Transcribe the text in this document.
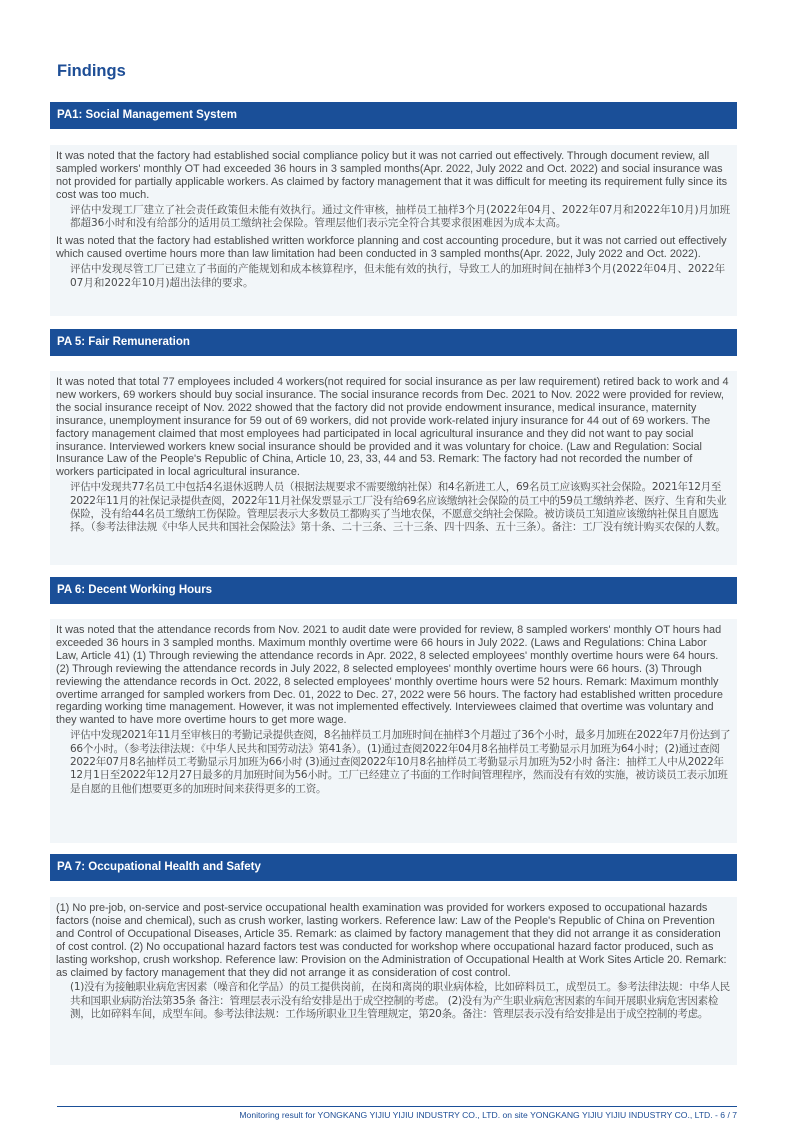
Findings
PA1: Social Management System

It was noted that the factory had established social compliance policy but it was not carried out effectively. Through document review, all sampled workers' monthly OT had exceeded 36 hours in 3 sampled months(Apr. 2022, July 2022 and Oct. 2022) and social insurance was not provided for partially applicable workers. As claimed by factory management that it was difficult for meeting its requirement fully since its cost was too much.

评估中发现工厂建立了社会责任政策但未能有效执行。通过文件审核，抽样员工抽样3个月(2022年04月、2022年07月和2022年10月)月加班都超36小时和没有给部分的适用员工缴纳社会保险。管理层他们表示完全符合其要求很困难因为成本太高。

It was noted that the factory had established written workforce planning and cost accounting procedure, but it was not carried out effectively which caused overtime hours more than law limitation had been conducted in 3 sampled months(Apr. 2022, July 2022 and Oct. 2022).

评估中发现尽管工厂已建立了书面的产能规划和成本核算程序，但未能有效的执行，导致工人的加班时间在抽样3个月(2022年04月、2022年07月和2022年10月)超出法律的要求。

PA 5: Fair Remuneration

It was noted that total 77 employees included 4 workers(not required for social insurance as per law requirement) retired back to work and 4 new workers, 69 workers should buy social insurance. The social insurance records from Dec. 2021 to Nov. 2022 were provided for review, the social insurance receipt of Nov. 2022 showed that the factory did not provide endowment insurance, medical insurance, maternity insurance, unemployment insurance for 59 out of 69 workers, did not provide work-related injury insurance for 44 out of 69 workers. The factory management claimed that most employees had participated in local agricultural insurance and they did not want to pay social insurance. Interviewed workers knew social insurance should be provided and it was voluntary for choice. (Law and Regulation: Social Insurance Law of the People's Republic of China, Article 10, 23, 33, 44 and 53. Remark: The factory had not recorded the number of workers participated in local agricultural insurance.

评估中发现共77名员工中包括4名退休返聘人员（根据法规要求不需要缴纳社保）和4名新进工人，69名员工应该购买社会保险。2021年12月至2022年11月的社保记录提供查阅，2022年11月社保发票显示工厂没有给69名应该缴纳社会保险的员工中的59员工缴纳养老、医疗、生育和失业保险，没有给44名员工缴纳工伤保险。管理层表示大多数员工都购买了当地农保，不愿意交纳社会保险。被访谈员工知道应该缴纳社保且自愿选择。（参考法律法规《中华人民共和国社会保险法》第十条、二十三条、三十三条、四十四条、五十三条）。备注：工厂没有统计购买农保的人数。

PA 6: Decent Working Hours

It was noted that the attendance records from Nov. 2021 to audit date were provided for review, 8 sampled workers' monthly OT hours had exceeded 36 hours in 3 sampled months. Maximum monthly overtime were 66 hours in July 2022. (Laws and Regulations: China Labor Law, Article 41) (1) Through reviewing the attendance records in Apr. 2022, 8 selected employees' monthly overtime hours were 64 hours. (2) Through reviewing the attendance records in July 2022, 8 selected employees' monthly overtime hours were 66 hours. (3) Through reviewing the attendance records in Oct. 2022, 8 selected employees' monthly overtime hours were 52 hours. Remark: Maximum monthly overtime arranged for sampled workers from Dec. 01, 2022 to Dec. 27, 2022 were 56 hours. The factory had established written procedure regarding working time management. However, it was not implemented effectively. Interviewees claimed that overtime was voluntary and they wanted to have more overtime hours to get more wage.

评估中发现2021年11月至审核日的考勤记录提供查阅，8名抽样员工月加班时间在抽样3个月超过了36个小时，最多月加班在2022年7月份达到了66个小时。（参考法律法规：《中华人民共和国劳动法》第41条）。(1)通过查阅2022年04月8名抽样员工考勤显示月加班为64小时；(2)通过查阅2022年07月8名抽样员工考勤显示月加班为66小时 (3)通过查阅2022年10月8名抽样员工考勤显示月加班为52小时 备注：抽样工人中从2022年12月1日至2022年12月27日最多的月加班时间为56小时。工厂已经建立了书面的工作时间管理程序，然而没有有效的实施，被访谈员工表示加班是自愿的且他们想要更多的加班时间来获得更多的工资。

PA 7: Occupational Health and Safety

(1) No pre-job, on-service and post-service occupational health examination was provided for workers exposed to occupational hazards factors (noise and chemical), such as crush worker, lasting workers. Reference law: Law of the People's Republic of China on Prevention and Control of Occupational Diseases, Article 35. Remark: as claimed by factory management that they did not arrange it as consideration of cost control. (2) No occupational hazard factors test was conducted for workshop where occupational hazard factor produced, such as lasting workshop, crush workshop. Reference law: Provision on the Administration of Occupational Health at Work Sites Article 20. Remark: as claimed by factory management that they did not arrange it as consideration of cost control.

(1)没有为接触职业病危害因素（噪音和化学品）的员工提供岗前，在岗和离岗的职业病体检，比如碎料员工，成型员工。参考法律法规：中华人民共和国职业病防治法第35条 备注：管理层表示没有给安排是出于成空控制的考虑。 (2)没有为产生职业病危害因素的车间开展职业病危害因素检测，比如碎料车间，成型车间。参考法律法规：工作场所职业卫生管理规定，第20条。备注：管理层表示没有给安排是出于成空控制的考虑。

Monitoring result for YONGKANG YIJIU YIJIU INDUSTRY CO., LTD. on site YONGKANG YIJIU YIJIU INDUSTRY CO., LTD. - 6 / 7
